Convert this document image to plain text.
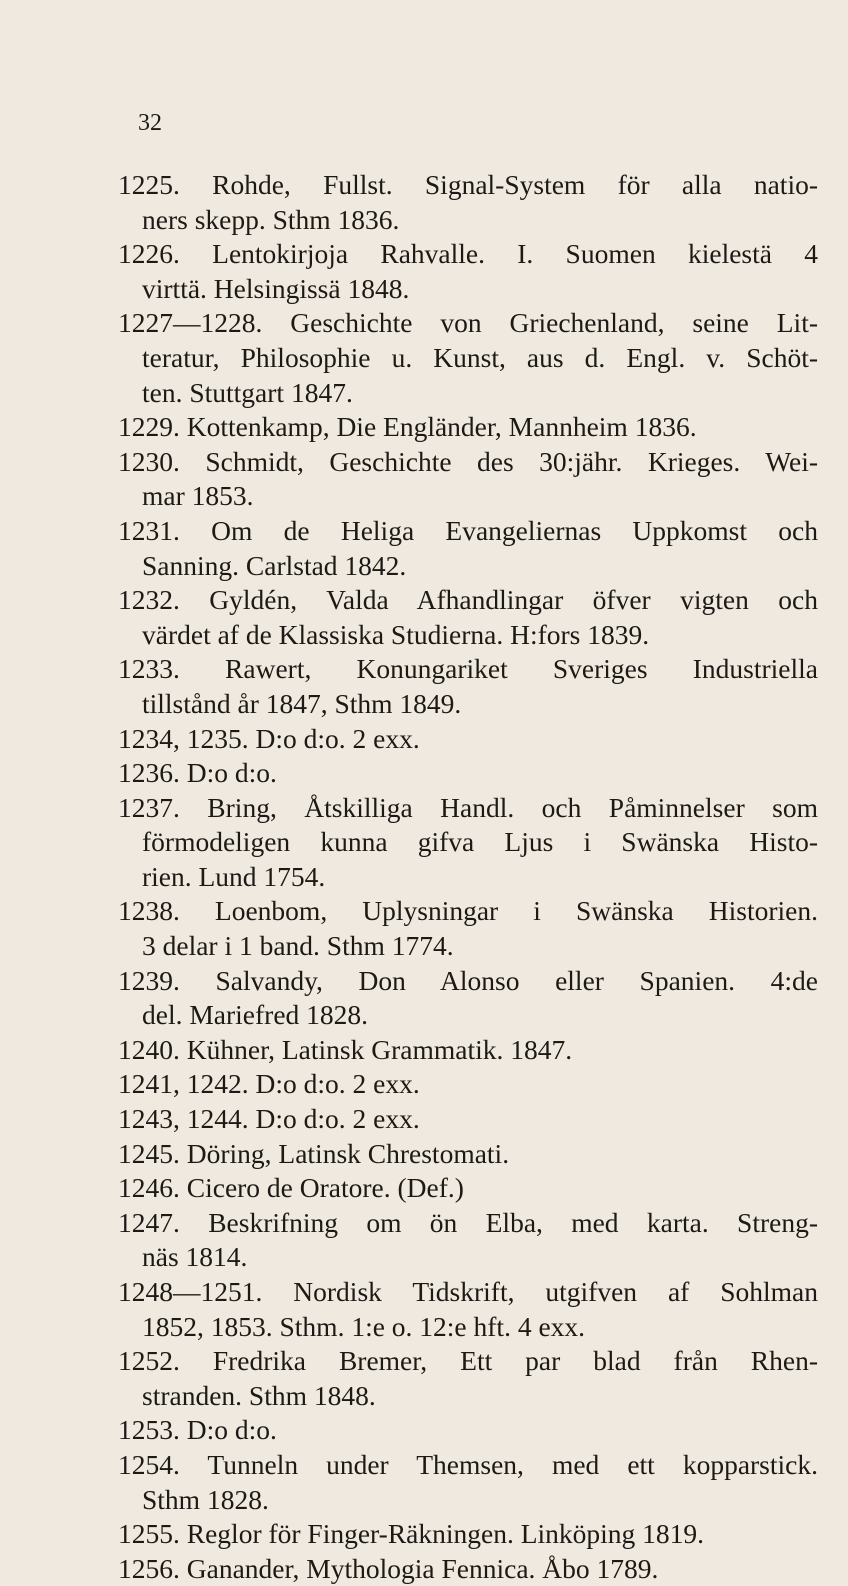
32

1225. Rohde, Fullst. Signal-System för alla natio-
ners skepp. Sthm 1836.

1226. Lentokirjoja Rahvalle. I. Suomen kielestä 4
virttä. Helsingissä 1848.

1227—1228. Geschichte von Griechenland, seine Lit-
teratur, Philosophie u. Kunst, aus d. Engl. v. Schöt-
ten. Stuttgart 1847.

1229. Kottenkamp, Die Engländer, Mannheim 1836.

1230. Schmidt, Geschichte des 30:jähr. Krieges. Wei-
mar 1853.

1231. Om de Heliga Evangeliernas Uppkomst och
Sanning. Carlstad 1842.

1232. Gyldén, Valda Afhandlingar öfver vigten och
värdet af de Klassiska Studierna. H:fors 1839.

1233. Rawert, Konungariket Sveriges Industriella
tillstånd år 1847, Sthm 1849.

1234, 1235. D:o d:o. 2 exx.

1236. D:o d:o.

1237. Bring, Åtskilliga Handl. och Påminnelser som
förmodeligen kunna gifva Ljus i Swänska Histo-
rien. Lund 1754.

1238. Loenbom, Uplysningar i Swänska Historien.
3 delar i 1 band. Sthm 1774.

1239. Salvandy, Don Alonso eller Spanien. 4:de
del. Mariefred 1828.

1240. Kühner, Latinsk Grammatik. 1847.

1241, 1242. D:o d:o. 2 exx.

1243, 1244. D:o d:o. 2 exx.

1245. Döring, Latinsk Chrestomati.

1246. Cicero de Oratore. (Def.)

1247. Beskrifning om ön Elba, med karta. Streng-
näs 1814.

1248—1251. Nordisk Tidskrift, utgifven af Sohlman
1852, 1853. Sthm. 1:e o. 12:e hft. 4 exx.

1252. Fredrika Bremer, Ett par blad från Rhen-
stranden. Sthm 1848.

1253. D:o d:o.

1254. Tunneln under Themsen, med ett kopparstick.
Sthm 1828.

1255. Reglor för Finger-Räkningen. Linköping 1819.

1256. Ganander, Mythologia Fennica. Åbo 1789.
